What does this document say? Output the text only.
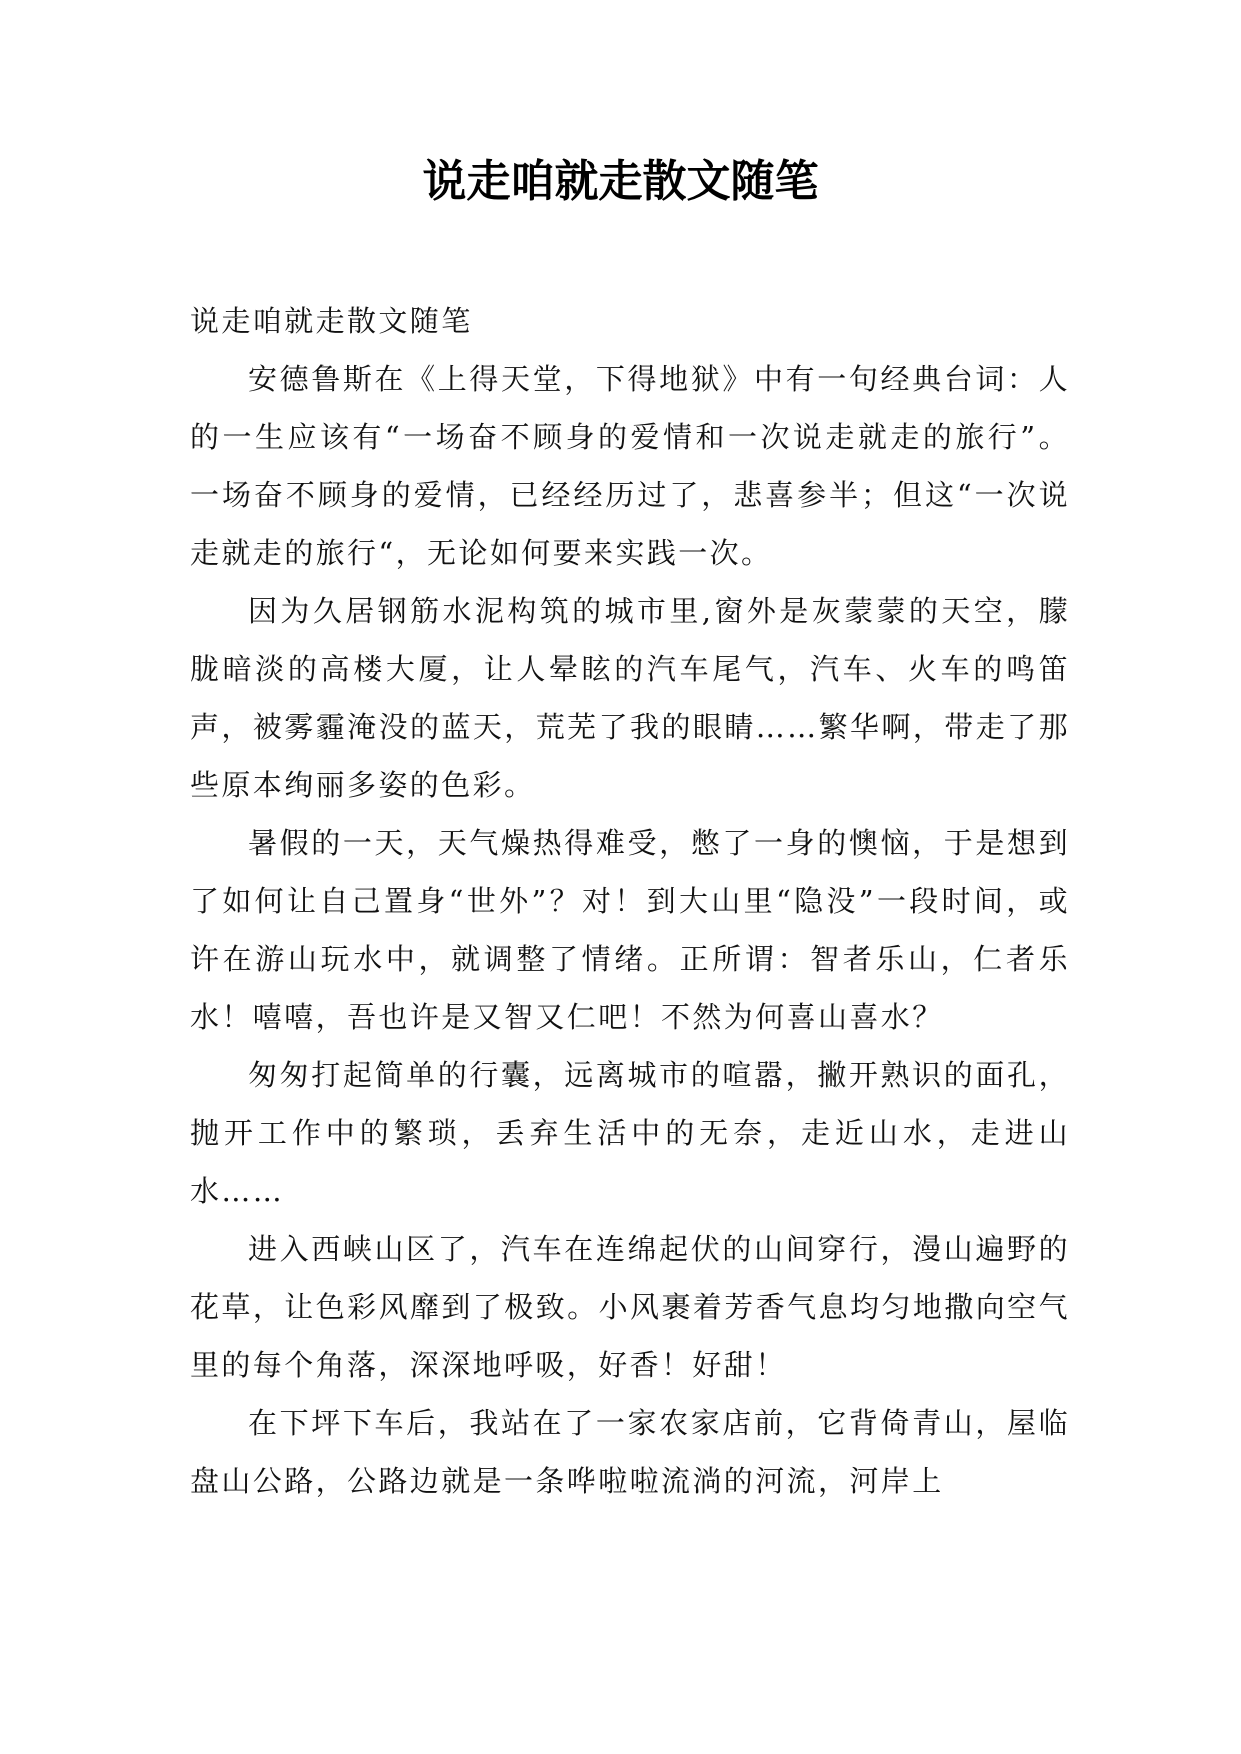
说走咱就走散文随笔

说走咱就走散文随笔

安德鲁斯在《上得天堂，下得地狱》中有一句经典台词：人的一生应该有“一场奋不顾身的爱情和一次说走就走的旅行”。 一场奋不顾身的爱情，已经经历过了，悲喜参半；但这“一次说走就走的旅行“，无论如何要来实践一次。

因为久居钢筋水泥构筑的城市里,窗外是灰蒙蒙的天空，朦胧暗淡的高楼大厦，让人晕眩的汽车尾气，汽车、火车的鸣笛声，被雾霾淹没的蓝天，荒芜了我的眼睛……繁华啊，带走了那些原本绚丽多姿的色彩。

暑假的一天，天气燥热得难受，憋了一身的懊恼，于是想到了如何让自己置身“世外”？对！到大山里“隐没”一段时间，或许在游山玩水中，就调整了情绪。正所谓：智者乐山，仁者乐水！嘻嘻，吾也许是又智又仁吧！不然为何喜山喜水？

匆匆打起简单的行囊，远离城市的喧嚣，撇开熟识的面孔，抛开工作中的繁琐，丢弃生活中的无奈，走近山水，走进山水……

进入西峡山区了，汽车在连绵起伏的山间穿行，漫山遍野的花草，让色彩风靡到了极致。小风裹着芳香气息均匀地撒向空气里的每个角落，深深地呼吸，好香！好甜！

在下坪下车后，我站在了一家农家店前，它背倚青山，屋临盘山公路，公路边就是一条哗啦啦流淌的河流，河岸上
